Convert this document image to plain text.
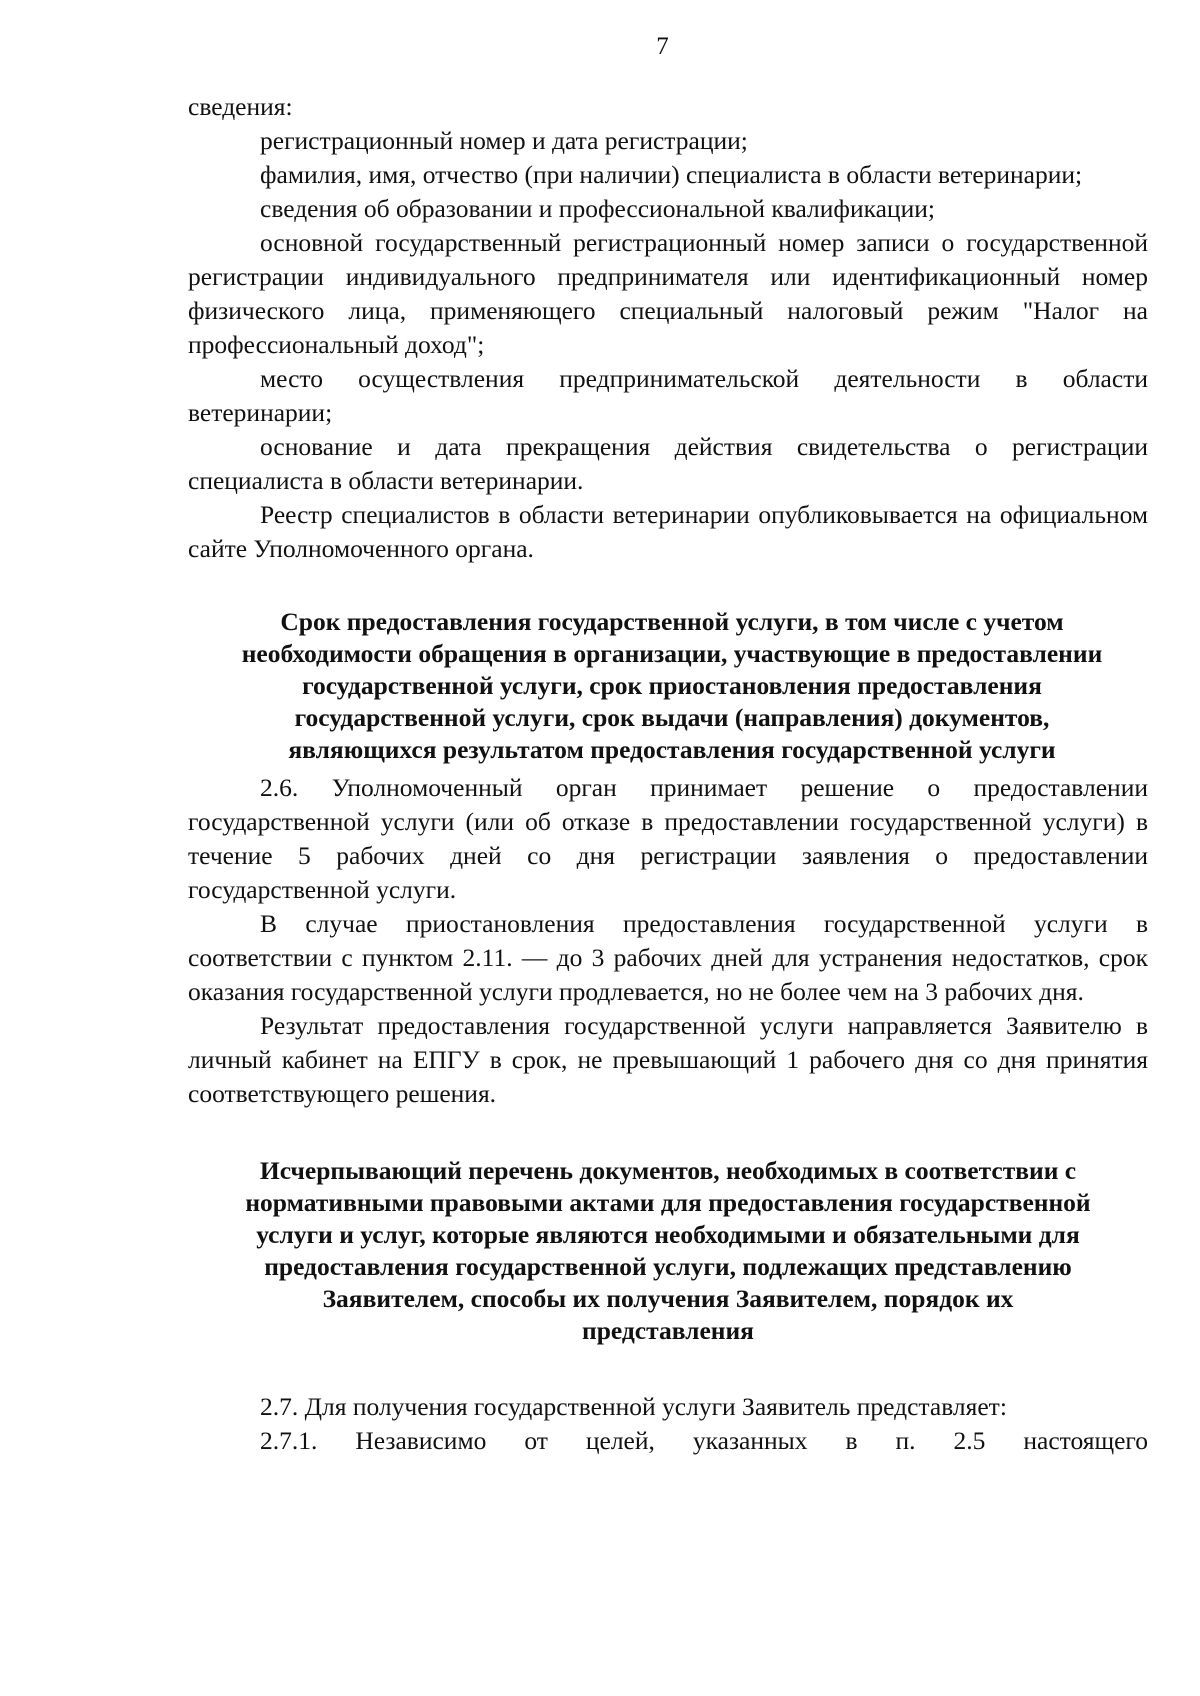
7

сведения:

регистрационный номер и дата регистрации;

фамилия, имя, отчество (при наличии) специалиста в области ветеринарии;

сведения об образовании и профессиональной квалификации;

основной государственный регистрационный номер записи о государственной регистрации индивидуального предпринимателя или идентификационный номер физического лица, применяющего специальный налоговый режим "Налог на профессиональный доход";

место осуществления предпринимательской деятельности в области ветеринарии;

основание и дата прекращения действия свидетельства о регистрации специалиста в области ветеринарии.

Реестр специалистов в области ветеринарии опубликовывается на официальном сайте Уполномоченного органа.

Срок предоставления государственной услуги, в том числе с учетом
необходимости обращения в организации, участвующие в предоставлении
государственной услуги, срок приостановления предоставления
государственной услуги, срок выдачи (направления) документов,
являющихся результатом предоставления государственной услуги

2.6. Уполномоченный орган принимает решение о предоставлении государственной услуги (или об отказе в предоставлении государственной услуги) в течение 5 рабочих дней со дня регистрации заявления о предоставлении государственной услуги.

В случае приостановления предоставления государственной услуги в соответствии с пунктом 2.11. — до 3 рабочих дней для устранения недостатков, срок оказания государственной услуги продлевается, но не более чем на 3 рабочих дня.

Результат предоставления государственной услуги направляется Заявителю в личный кабинет на ЕПГУ в срок, не превышающий 1 рабочего дня со дня принятия соответствующего решения.

Исчерпывающий перечень документов, необходимых в соответствии с
нормативными правовыми актами для предоставления государственной
услуги и услуг, которые являются необходимыми и обязательными для
предоставления государственной услуги, подлежащих представлению
Заявителем, способы их получения Заявителем, порядок их
представления

2.7. Для получения государственной услуги Заявитель представляет:

2.7.1. Независимо от целей, указанных в п. 2.5 настоящего
